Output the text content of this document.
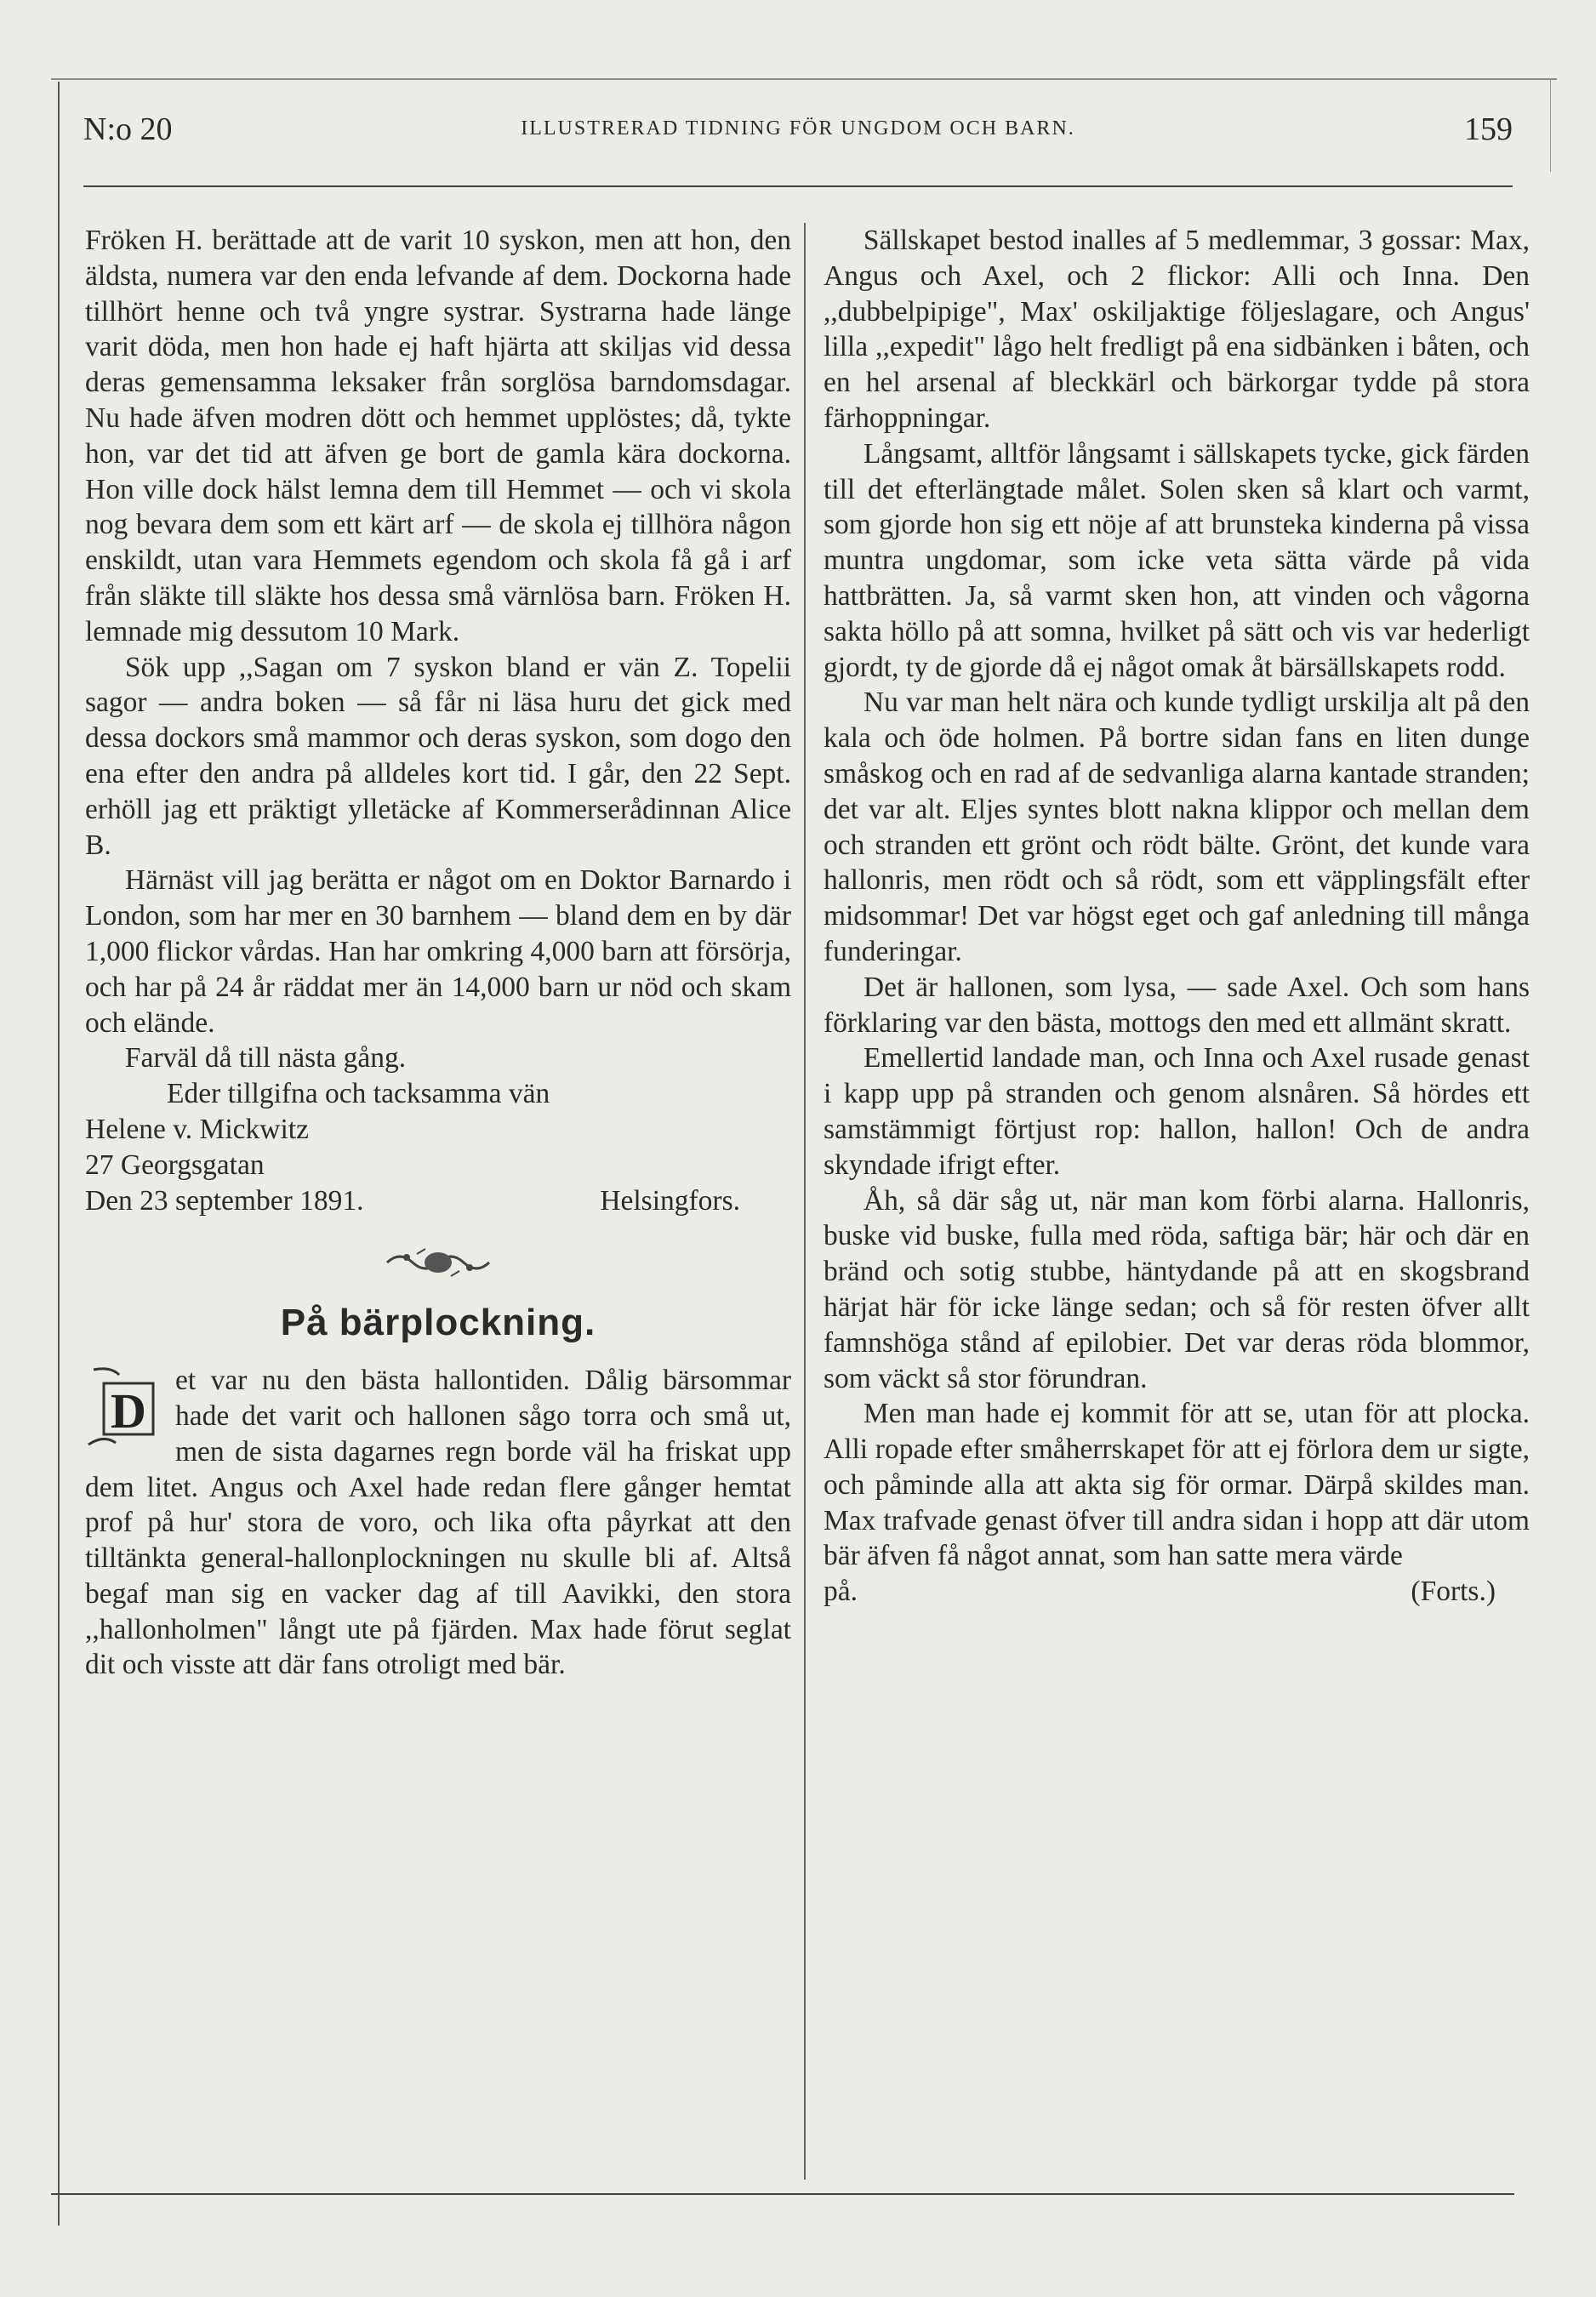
N:o 20	ILLUSTRERAD TIDNING FÖR UNGDOM OCH BARN.	159

Fröken H. berättade att de varit 10 syskon, men att hon, den äldsta, numera var den enda lefvande af dem. Dockorna hade tillhört henne och två yngre systrar. Systrarna hade länge varit döda, men hon hade ej haft hjärta att skiljas vid dessa deras gemensamma leksaker från sorglösa barndomsdagar. Nu hade äfven modren dött och hemmet upplöstes; då, tykte hon, var det tid att äfven ge bort de gamla kära dockorna. Hon ville dock hälst lemna dem till Hemmet — och vi skola nog bevara dem som ett kärt arf — de skola ej tillhöra någon enskildt, utan vara Hemmets egendom och skola få gå i arf från släkte till släkte hos dessa små värnlösa barn. Fröken H. lemnade mig dessutom 10 Mark.

Sök upp ,,Sagan om 7 syskon bland er vän Z. Topelii sagor — andra boken — så får ni läsa huru det gick med dessa dockors små mammor och deras syskon, som dogo den ena efter den andra på alldeles kort tid. I går, den 22 Sept. erhöll jag ett präktigt ylletäcke af Kommerserådinnan Alice B.

Härnäst vill jag berätta er något om en Doktor Barnardo i London, som har mer en 30 barnhem — bland dem en by där 1,000 flickor vårdas. Han har omkring 4,000 barn att försörja, och har på 24 år räddat mer än 14,000 barn ur nöd och skam och elände.

Farväl då till nästa gång.

Eder tillgifna och tacksamma vän

Helene v. Mickwitz

27 Georgsgatan

Den 23 september 1891.	Helsingfors.
På bärplockning.
D

et var nu den bästa hallontiden. Dålig bärsommar hade det varit och hallonen sågo torra och små ut, men de sista dagarnes regn borde väl ha friskat upp dem litet. Angus och Axel hade redan flere gånger hemtat prof på hur' stora de voro, och lika ofta påyrkat att den tilltänkta general-hallonplockningen nu skulle bli af. Altså begaf man sig en vacker dag af till Aavikki, den stora ,,hallonholmen" långt ute på fjärden. Max hade förut seglat dit och visste att där fans otroligt med bär.

Sällskapet bestod inalles af 5 medlemmar, 3 gossar: Max, Angus och Axel, och 2 flickor: Alli och Inna. Den ,,dubbelpipige", Max' oskiljaktige följeslagare, och Angus' lilla ,,expedit" lågo helt fredligt på ena sidbänken i båten, och en hel arsenal af bleckkärl och bärkorgar tydde på stora färhoppningar.

Långsamt, alltför långsamt i sällskapets tycke, gick färden till det efterlängtade målet. Solen sken så klart och varmt, som gjorde hon sig ett nöje af att brunsteka kinderna på vissa muntra ungdomar, som icke veta sätta värde på vida hattbrätten. Ja, så varmt sken hon, att vinden och vågorna sakta höllo på att somna, hvilket på sätt och vis var hederligt gjordt, ty de gjorde då ej något omak åt bärsällskapets rodd.

Nu var man helt nära och kunde tydligt urskilja alt på den kala och öde holmen. På bortre sidan fans en liten dunge småskog och en rad af de sedvanliga alarna kantade stranden; det var alt. Eljes syntes blott nakna klippor och mellan dem och stranden ett grönt och rödt bälte. Grönt, det kunde vara hallonris, men rödt och så rödt, som ett väpplingsfält efter midsommar! Det var högst eget och gaf anledning till många funderingar.

Det är hallonen, som lysa, — sade Axel. Och som hans förklaring var den bästa, mottogs den med ett allmänt skratt.

Emellertid landade man, och Inna och Axel rusade genast i kapp upp på stranden och genom alsnåren. Så hördes ett samstämmigt förtjust rop: hallon, hallon! Och de andra skyndade ifrigt efter.

Åh, så där såg ut, när man kom förbi alarna. Hallonris, buske vid buske, fulla med röda, saftiga bär; här och där en bränd och sotig stubbe, häntydande på att en skogsbrand härjat här för icke länge sedan; och så för resten öfver allt famnshöga stånd af epilobier. Det var deras röda blommor, som väckt så stor förundran.

Men man hade ej kommit för att se, utan för att plocka. Alli ropade efter småherrskapet för att ej förlora dem ur sigte, och påminde alla att akta sig för ormar. Därpå skildes man. Max trafvade genast öfver till andra sidan i hopp att där utom bär äfven få något annat, som han satte mera värde

på.	(Forts.)
